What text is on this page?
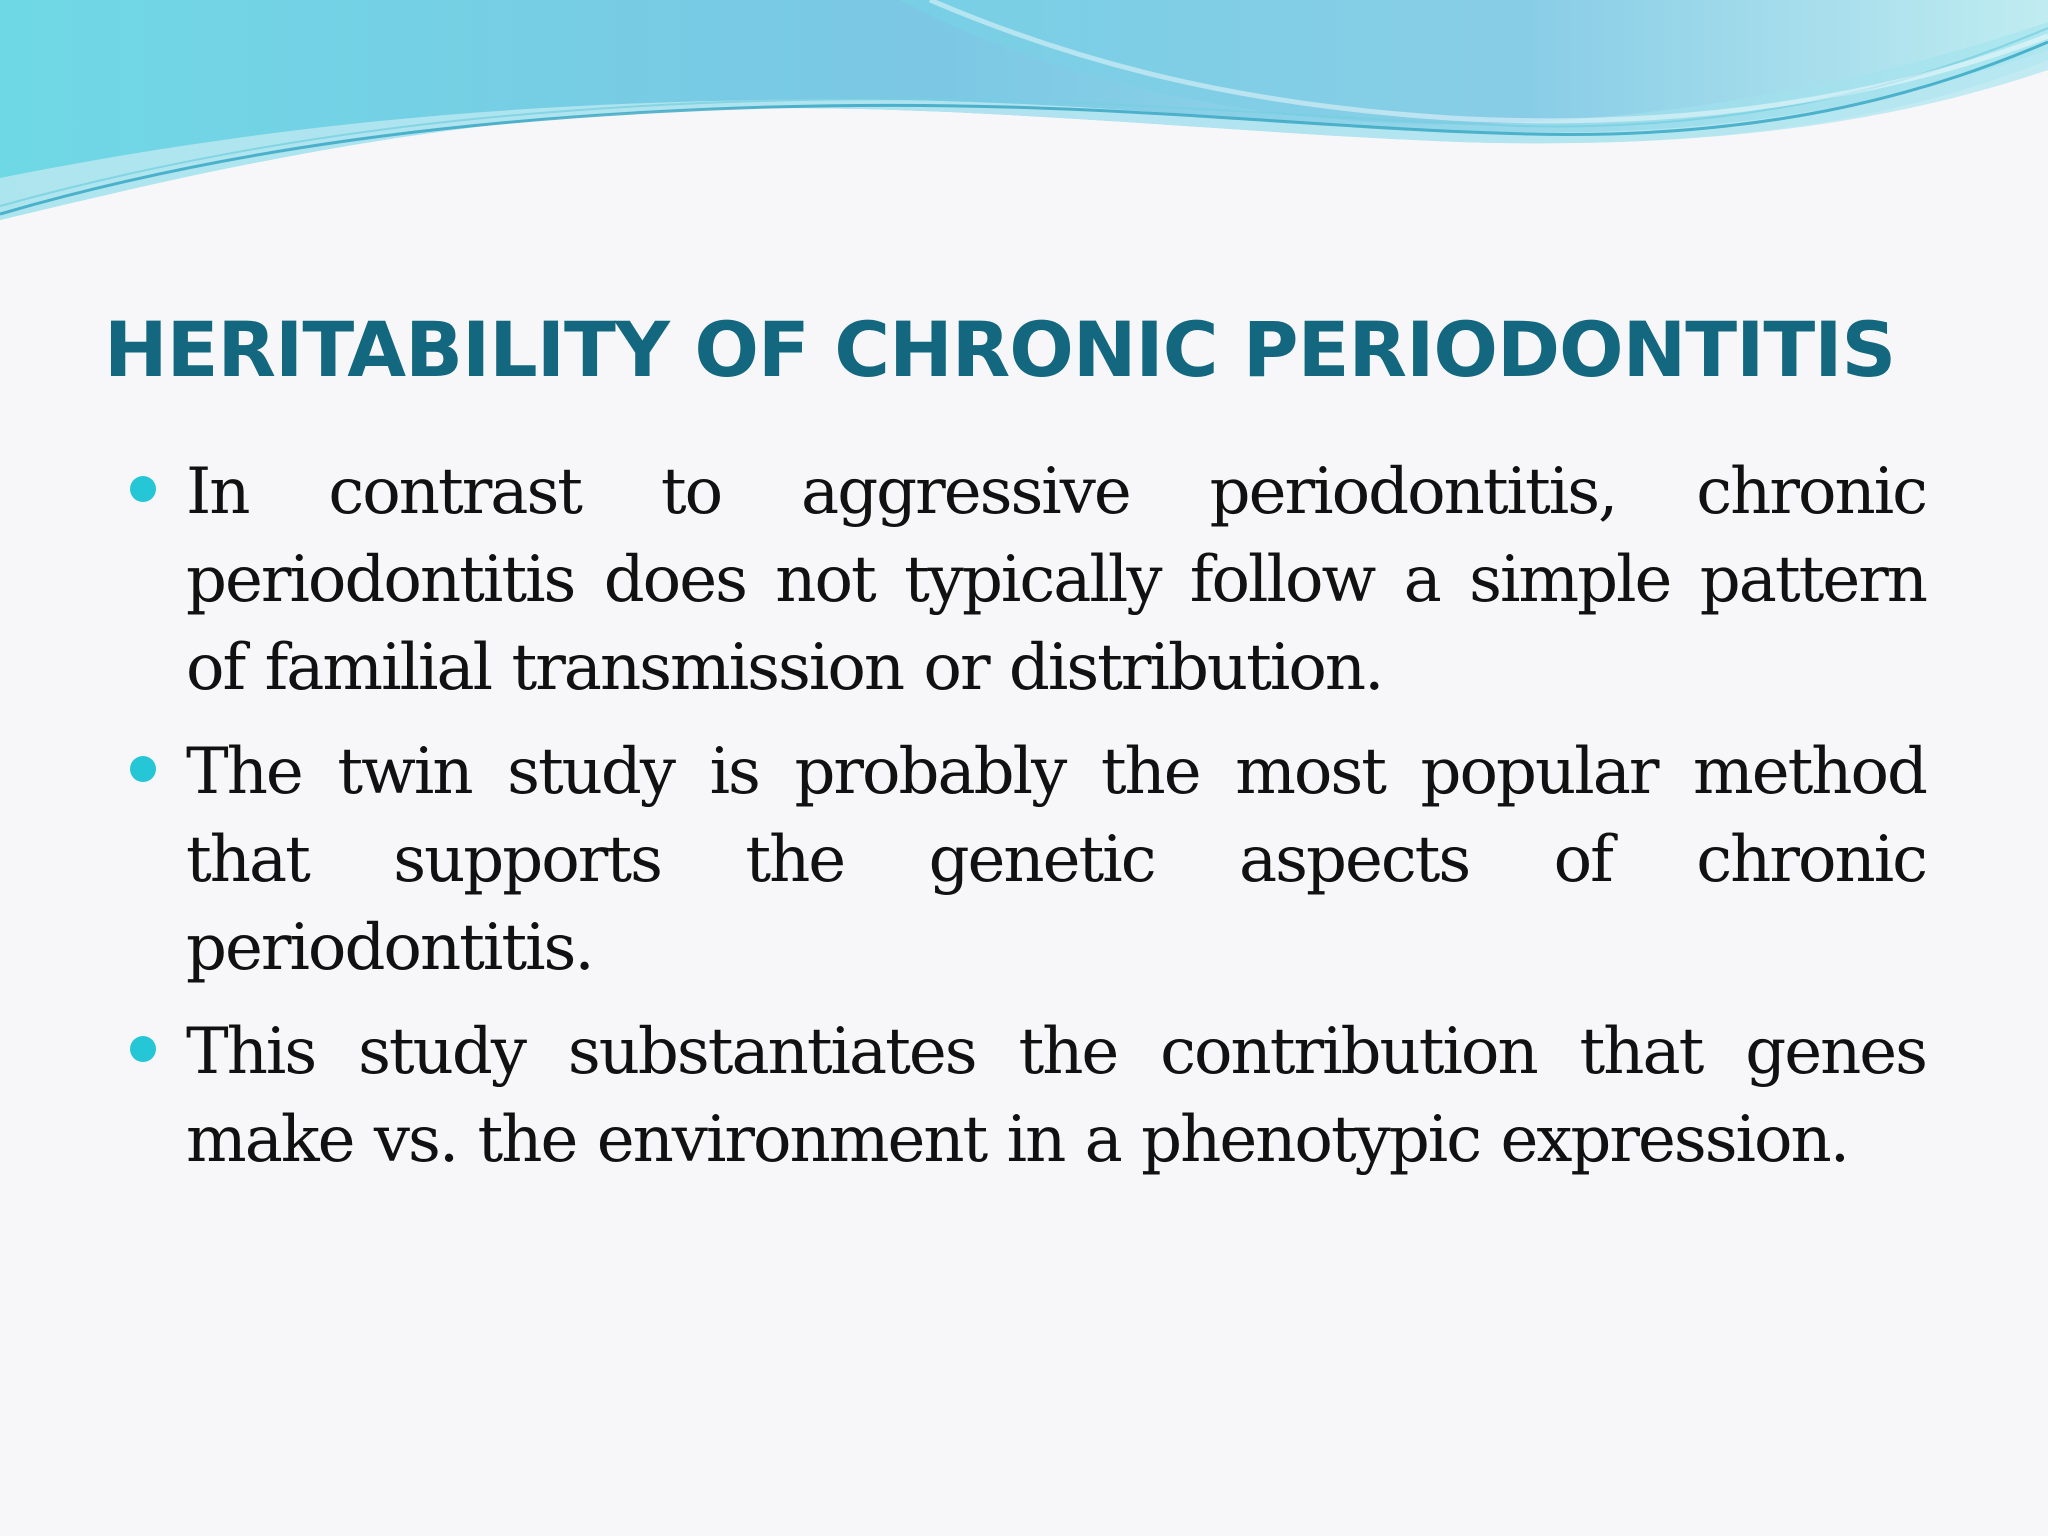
HERITABILITY OF CHRONIC PERIODONTITIS
In contrast to aggressive periodontitis, chronic periodontitis does not typically follow a simple pattern of familial transmission or distribution.
The twin study is probably the most popular method that supports the genetic aspects of chronic periodontitis.
This study substantiates the contribution that genes make vs. the environment in a phenotypic expression.
